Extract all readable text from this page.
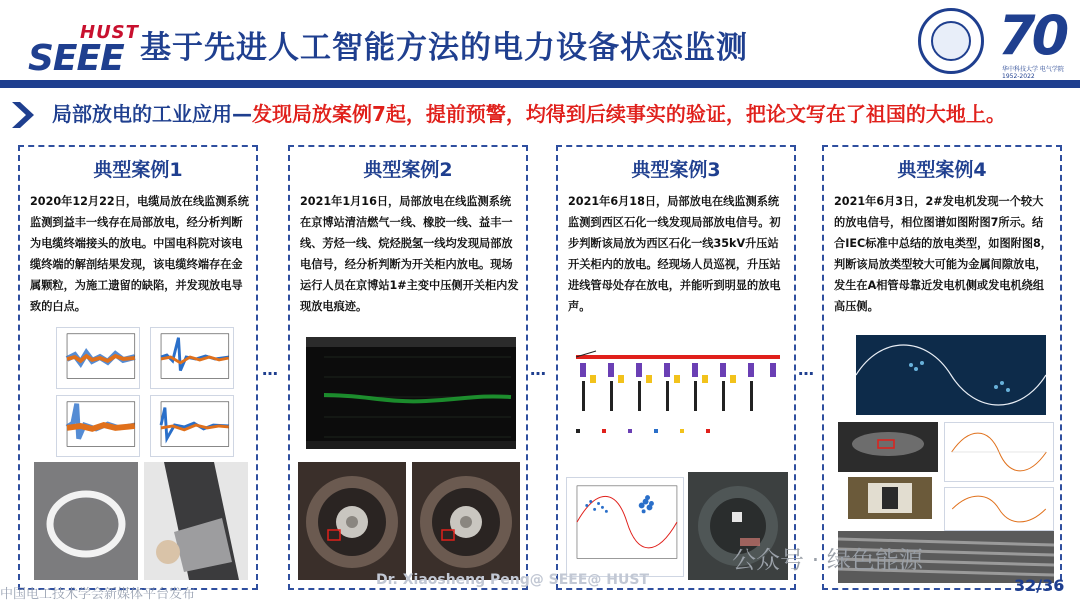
HUST
SEEE 基于先进人工智能方法的电力设备状态监测	70
华中科技大学 电气学院 1952-2022
局部放电的工业应用—发现局放案例7起，提前预警，均得到后续事实的验证，把论文写在了祖国的大地上。
典型案例1
2020年12月22日，电缆局放在线监测系统监测到益丰一线存在局部放电，经分析判断为电缆终端接头的放电。中国电科院对该电缆终端的解剖结果发现，该电缆终端存在金属颗粒，为施工遗留的缺陷，并发现放电导致的白点。
…
典型案例2
2021年1月16日，局部放电在线监测系统在京博站清洁燃气一线、橡胶一线、益丰一线、芳烃一线、烷烃脱氢一线均发现局部放电信号，经分析判断为开关柜内放电。现场运行人员在京博站1#主变中压侧开关柜内发现放电痕迹。
…
典型案例3
2021年6月18日，局部放电在线监测系统监测到西区石化一线发现局部放电信号。初步判断该局放为西区石化一线35kV升压站开关柜内的放电。经现场人员巡视，升压站进线管母处存在放电，并能听到明显的放电声。
…
典型案例4
2021年6月3日，2#发电机发现一个较大的放电信号，相位图谱如图附图7所示。结合IEC标准中总结的放电类型，如图附图8，判断该局放类型较大可能为金属间隙放电，发生在A相管母靠近发电机侧或发电机绕组高压侧。
中国电工技术学会新媒体平台发布
Dr. Xiaosheng Peng@ SEEE@ HUST
公众号 · 绿色能源
32/36
